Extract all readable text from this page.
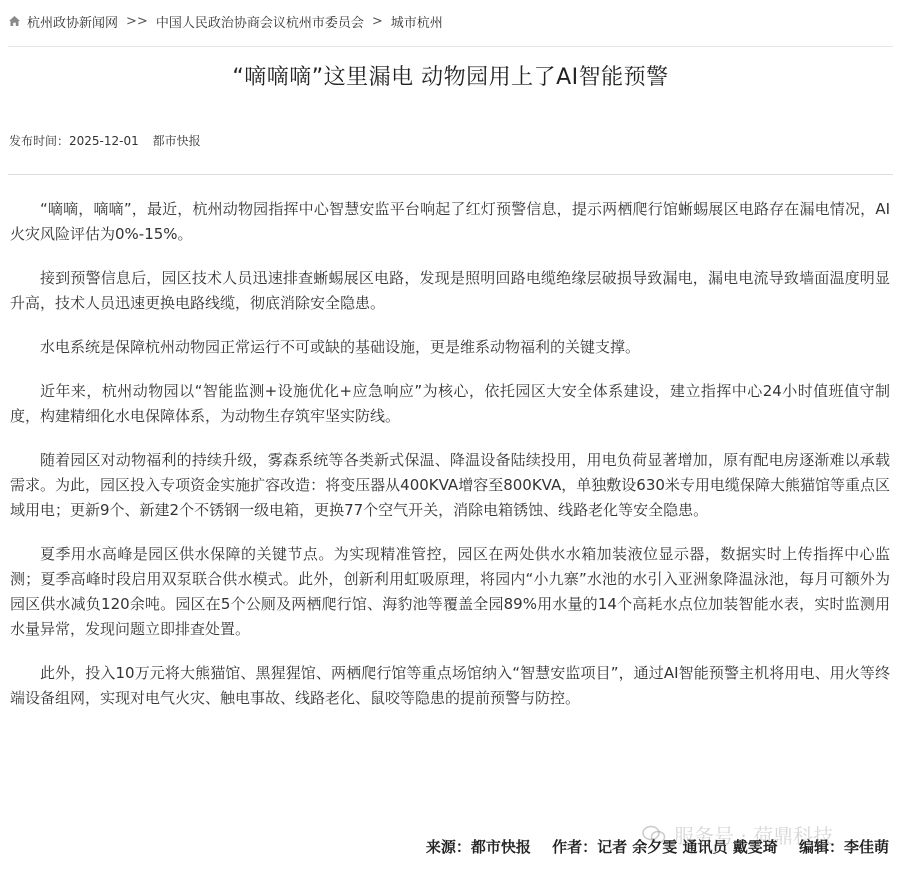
杭州政协新闻网 >> 中国人民政治协商会议杭州市委员会 > 城市杭州
“嘀嘀嘀”这里漏电 动物园用上了AI智能预警
发布时间：2025-12-01 都市快报

“嘀嘀，嘀嘀”，最近，杭州动物园指挥中心智慧安监平台响起了红灯预警信息，提示两栖爬行馆蜥蜴展区电路存在漏电情况，AI火灾风险评估为0%-15%。

接到预警信息后，园区技术人员迅速排查蜥蜴展区电路，发现是照明回路电缆绝缘层破损导致漏电，漏电电流导致墙面温度明显升高，技术人员迅速更换电路线缆，彻底消除安全隐患。

水电系统是保障杭州动物园正常运行不可或缺的基础设施，更是维系动物福利的关键支撑。

近年来，杭州动物园以“智能监测+设施优化+应急响应”为核心，依托园区大安全体系建设，建立指挥中心24小时值班值守制度，构建精细化水电保障体系，为动物生存筑牢坚实防线。

随着园区对动物福利的持续升级，雾森系统等各类新式保温、降温设备陆续投用，用电负荷显著增加，原有配电房逐渐难以承载需求。为此，园区投入专项资金实施扩容改造：将变压器从400KVA增容至800KVA，单独敷设630米专用电缆保障大熊猫馆等重点区域用电；更新9个、新建2个不锈钢一级电箱，更换77个空气开关，消除电箱锈蚀、线路老化等安全隐患。

夏季用水高峰是园区供水保障的关键节点。为实现精准管控，园区在两处供水水箱加装液位显示器，数据实时上传指挥中心监测；夏季高峰时段启用双泵联合供水模式。此外，创新利用虹吸原理，将园内“小九寨”水池的水引入亚洲象降温泳池，每月可额外为园区供水减负120余吨。园区在5个公厕及两栖爬行馆、海豹池等覆盖全园89%用水量的14个高耗水点位加装智能水表，实时监测用水量异常，发现问题立即排查处置。

此外，投入10万元将大熊猫馆、黑猩猩馆、两栖爬行馆等重点场馆纳入“智慧安监项目”，通过AI智能预警主机将用电、用火等终端设备组网，实现对电气火灾、触电事故、线路老化、鼠咬等隐患的提前预警与防控。

服务号 · 荷鼎科技
来源：都市快报 作者：记者 余夕雯 通讯员 戴雯琦 编辑：李佳萌
